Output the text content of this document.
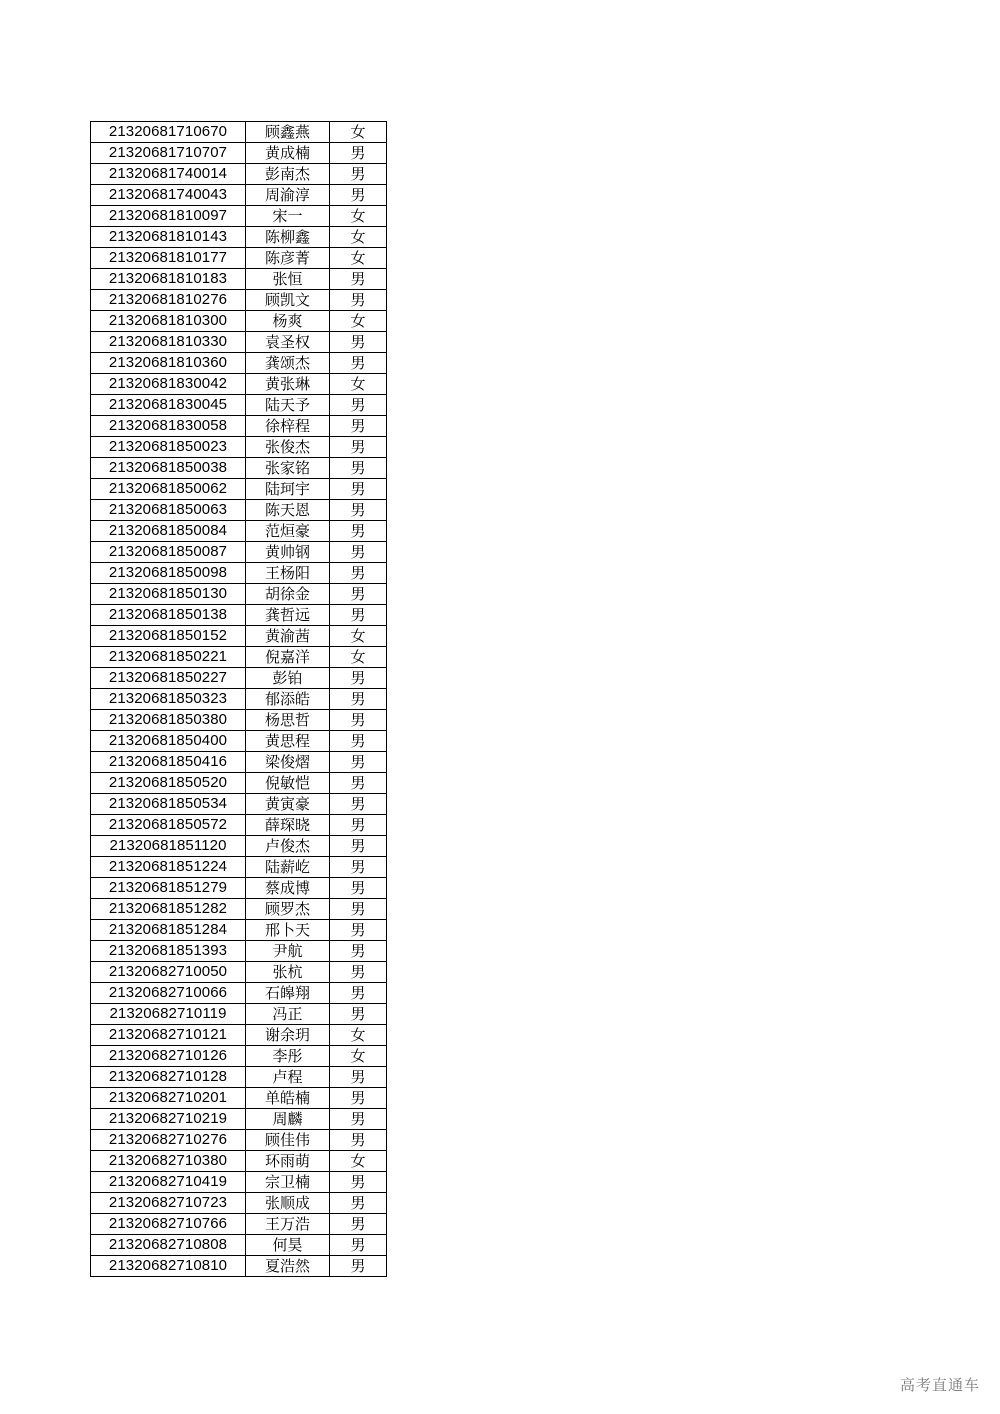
21320681710670	顾鑫燕	女
21320681710707	黄成楠	男
21320681740014	彭南杰	男
21320681740043	周渝淳	男
21320681810097	宋一	女
21320681810143	陈柳鑫	女
21320681810177	陈彦菁	女
21320681810183	张恒	男
21320681810276	顾凯文	男
21320681810300	杨爽	女
21320681810330	袁圣权	男
21320681810360	龚颂杰	男
21320681830042	黄张琳	女
21320681830045	陆天予	男
21320681830058	徐梓程	男
21320681850023	张俊杰	男
21320681850038	张家铭	男
21320681850062	陆珂宇	男
21320681850063	陈天恩	男
21320681850084	范烜豪	男
21320681850087	黄帅钢	男
21320681850098	王杨阳	男
21320681850130	胡徐金	男
21320681850138	龚哲远	男
21320681850152	黄渝茜	女
21320681850221	倪嘉洋	女
21320681850227	彭铂	男
21320681850323	郁添皓	男
21320681850380	杨思哲	男
21320681850400	黄思程	男
21320681850416	梁俊熠	男
21320681850520	倪敏恺	男
21320681850534	黄寅豪	男
21320681850572	薛琛晓	男
21320681851120	卢俊杰	男
21320681851224	陆薪屹	男
21320681851279	蔡成博	男
21320681851282	顾罗杰	男
21320681851284	邢卜天	男
21320681851393	尹航	男
21320682710050	张杭	男
21320682710066	石皞翔	男
21320682710119	冯正	男
21320682710121	谢余玥	女
21320682710126	李彤	女
21320682710128	卢程	男
21320682710201	单皓楠	男
21320682710219	周麟	男
21320682710276	顾佳伟	男
21320682710380	环雨萌	女
21320682710419	宗卫楠	男
21320682710723	张顺成	男
21320682710766	王万浩	男
21320682710808	何昊	男
21320682710810	夏浩然	男
高考直通车
